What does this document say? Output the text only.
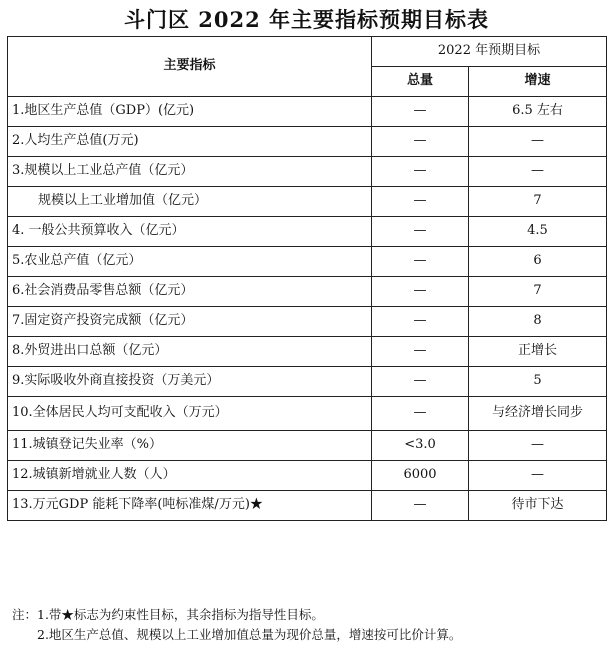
斗门区 2022 年主要指标预期目标表
主要指标	2022 年预期目标	
	总量	增速
1.地区生产总值（GDP）(亿元)	—	6.5 左右
2.人均生产总值(万元)	—	—
3.规模以上工业总产值（亿元）	—	—
规模以上工业增加值（亿元）	—	7
4. 一般公共预算收入（亿元）	—	4.5
5.农业总产值（亿元）	—	6
6.社会消费品零售总额（亿元）	—	7
7.固定资产投资完成额（亿元）	—	8
8.外贸进出口总额（亿元）	—	正增长
9.实际吸收外商直接投资（万美元）	—	5
10.全体居民人均可支配收入（万元）	—	与经济增长同步
11.城镇登记失业率（%）	<3.0	—
12.城镇新增就业人数（人）	6000	—
13.万元GDP 能耗下降率(吨标准煤/万元)★	—	待市下达
注：1.带★标志为约束性目标，其余指标为指导性目标。
2.地区生产总值、规模以上工业增加值总量为现价总量，增速按可比价计算。
